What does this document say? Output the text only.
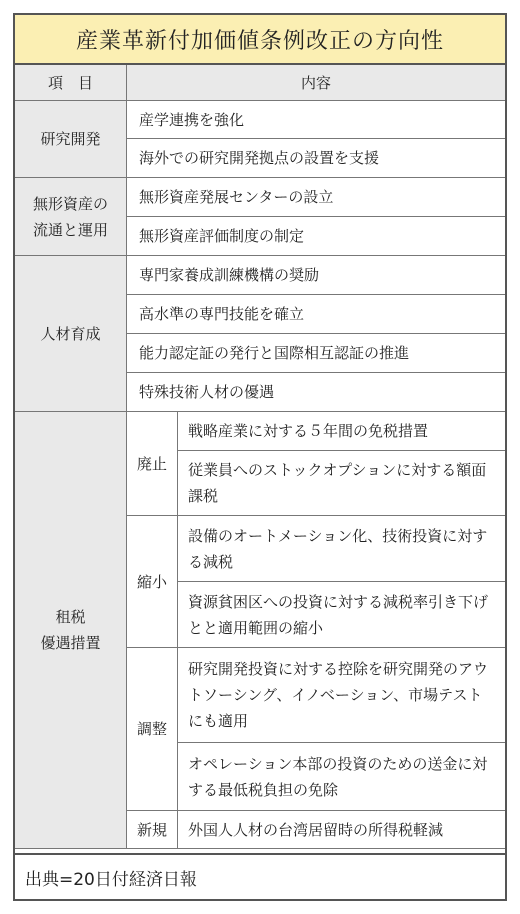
産業革新付加価値条例改正の方向性
項　目	内容
研究開発
産学連携を強化
海外での研究開発拠点の設置を支援
無形資産の
流通と運用
無形資産発展センターの設立
無形資産評価制度の制定
人材育成
専門家養成訓練機構の奨励
高水準の専門技能を確立
能力認定証の発行と国際相互認証の推進
特殊技術人材の優遇
租税
優遇措置
廃止
戦略産業に対する５年間の免税措置
従業員へのストックオプションに対する額面課税
縮小
設備のオートメーション化、技術投資に対する減税
資源貧困区への投資に対する減税率引き下げとと適用範囲の縮小
調整
研究開発投資に対する控除を研究開発のアウトソーシング、イノベーション、市場テストにも適用
オペレーション本部の投資のための送金に対する最低税負担の免除
新規	外国人人材の台湾居留時の所得税軽減
出典=20日付経済日報
